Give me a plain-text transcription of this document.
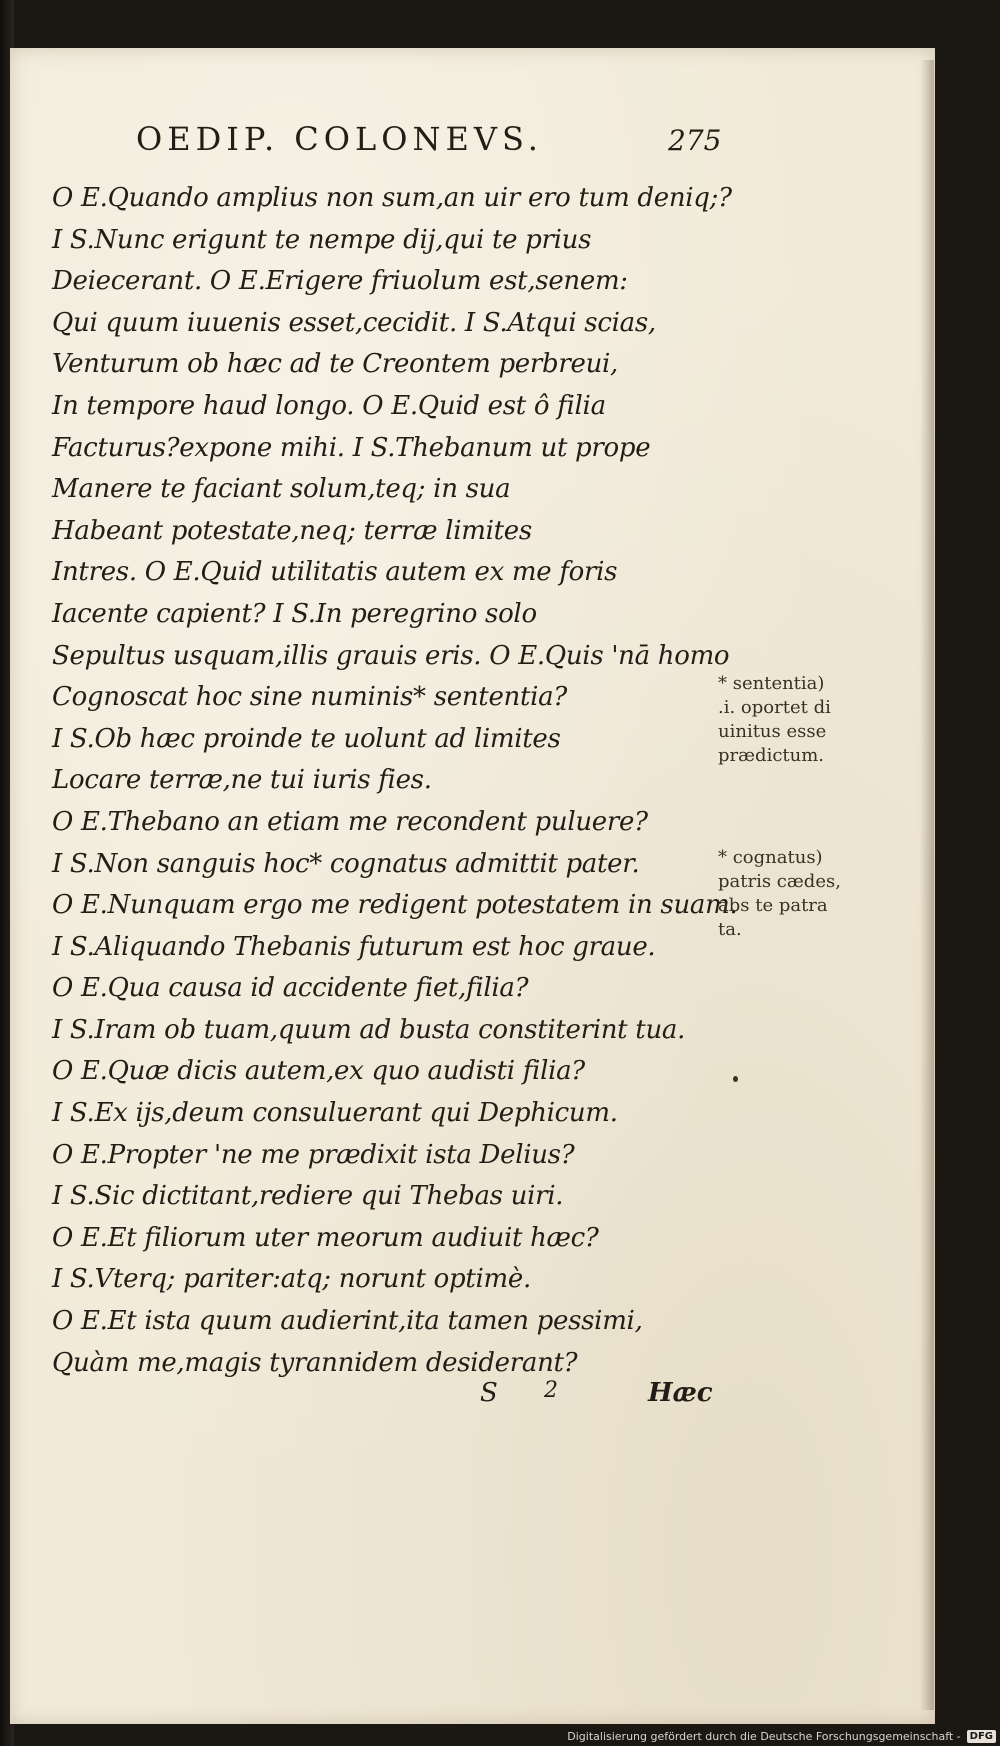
OEDIP. COLONEVS.	275
O E.Quando amplius non sum,an uir ero tum deniq;?
I S.Nunc erigunt te nempe dij,qui te prius
Deiecerant. O E.Erigere friuolum est,senem:
Qui quum iuuenis esset,cecidit. I S.Atqui scias,
Venturum ob hæc ad te Creontem perbreui,
In tempore haud longo. O E.Quid est ô filia
Facturus?expone mihi. I S.Thebanum ut prope
Manere te faciant solum,teq; in sua
Habeant potestate,neq; terræ limites
Intres. O E.Quid utilitatis autem ex me foris
Iacente capient? I S.In peregrino solo
Sepultus usquam,illis grauis eris. O E.Quis 'nā homo
Cognoscat hoc sine numinis* sententia?
I S.Ob hæc proinde te uolunt ad limites
Locare terræ,ne tui iuris fies.
O E.Thebano an etiam me recondent puluere?
I S.Non sanguis hoc* cognatus admittit pater.
O E.Nunquam ergo me redigent potestatem in suam.
I S.Aliquando Thebanis futurum est hoc graue.
O E.Qua causa id accidente fiet,filia?
I S.Iram ob tuam,quum ad busta constiterint tua.
O E.Quæ dicis autem,ex quo audisti filia?
I S.Ex ijs,deum consuluerant qui Dephicum.
O E.Propter 'ne me prædixit ista Delius?
I S.Sic dictitant,rediere qui Thebas uiri.
O E.Et filiorum uter meorum audiuit hæc?
I S.Vterq; pariter:atq; norunt optimè.
O E.Et ista quum audierint,ita tamen pessimi,
Quàm me,magis tyrannidem desiderant?
* sententia)
.i. oportet di
uinitus esse
prædictum.
* cognatus)
patris cædes,
abs te patra
ta.
S 2	Hæc
Digitalisierung gefördert durch die Deutsche Forschungsgemeinschaft - DFG
